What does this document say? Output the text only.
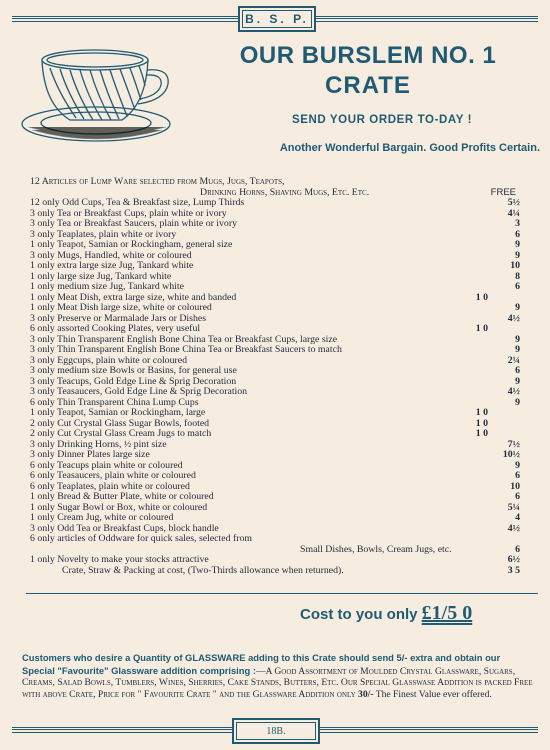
B. S. P.
OUR BURSLEM NO. 1
CRATE
SEND YOUR ORDER TO-DAY !
Another Wonderful Bargain. Good Profits Certain.
12 Articles of Lump Ware selected from Mugs, Jugs, Teapots,
Drinking Horns, Shaving Mugs, Etc. Etc.	FREE
12 only Odd Cups, Tea & Breakfast size, Lump Thirds	5½
3 only Tea or Breakfast Cups, plain white or ivory	4¼
3 only Tea or Breakfast Saucers, plain white or ivory	3
3 only Teaplates, plain white or ivory	6
1 only Teapot, Samian or Rockingham, general size	9
3 only Mugs, Handled, white or coloured	9
1 only extra large size Jug, Tankard white	10
1 only large size Jug, Tankard white	8
1 only medium size Jug, Tankard white	6
1 only Meat Dish, extra large size, white and banded	1 0
1 only Meat Dish large size, white or coloured	9
3 only Preserve or Marmalade Jars or Dishes	4½
6 only assorted Cooking Plates, very useful	1 0
3 only Thin Transparent English Bone China Tea or Breakfast Cups, large size	9
3 only Thin Transparent English Bone China Tea or Breakfast Saucers to match	9
3 only Eggcups, plain white or coloured	2¼
3 only medium size Bowls or Basins, for general use	6
3 only Teacups, Gold Edge Line & Sprig Decoration	9
3 only Teasaucers, Gold Edge Line & Sprig Decoration	4½
6 only Thin Transparent China Lump Cups	9
1 only Teapot, Samian or Rockingham, large	1 0
2 only Cut Crystal Glass Sugar Bowls, footed	1 0
2 only Cut Crystal Glass Cream Jugs to match	1 0
3 only Drinking Horns, ½ pint size	7½
3 only Dinner Plates large size	10½
6 only Teacups plain white or coloured	9
6 only Teasaucers, plain white or coloured	6
6 only Teaplates, plain white or coloured	10
1 only Bread & Butter Plate, white or coloured	6
1 only Sugar Bowl or Box, white or coloured	5¼
1 only Cream Jug, white or coloured	4
3 only Odd Tea or Breakfast Cups, block handle	4½
6 only articles of Oddware for quick sales, selected from
Small Dishes, Bowls, Cream Jugs, etc.	6
1 only Novelty to make your stocks attractive	6½
Crate, Straw & Packing at cost, (Two-Thirds allowance when returned).	3 5
Cost to you only £1/5 0
Customers who desire a Quantity of GLASSWARE adding to this Crate should send 5/- extra and obtain our Special "Favourite" Glassware addition comprising :—A Good Assortment of Moulded Crystal Glassware, Sugars, Creams, Salad Bowls, Tumblers, Wines, Sherries, Cake Stands, Butters, Etc. Our Special Glasswase Addition is packed Free with above Crate, Price for " Favourite Crate " and the Glassware Addition only 30/- The Finest Value ever offered.
18B.
